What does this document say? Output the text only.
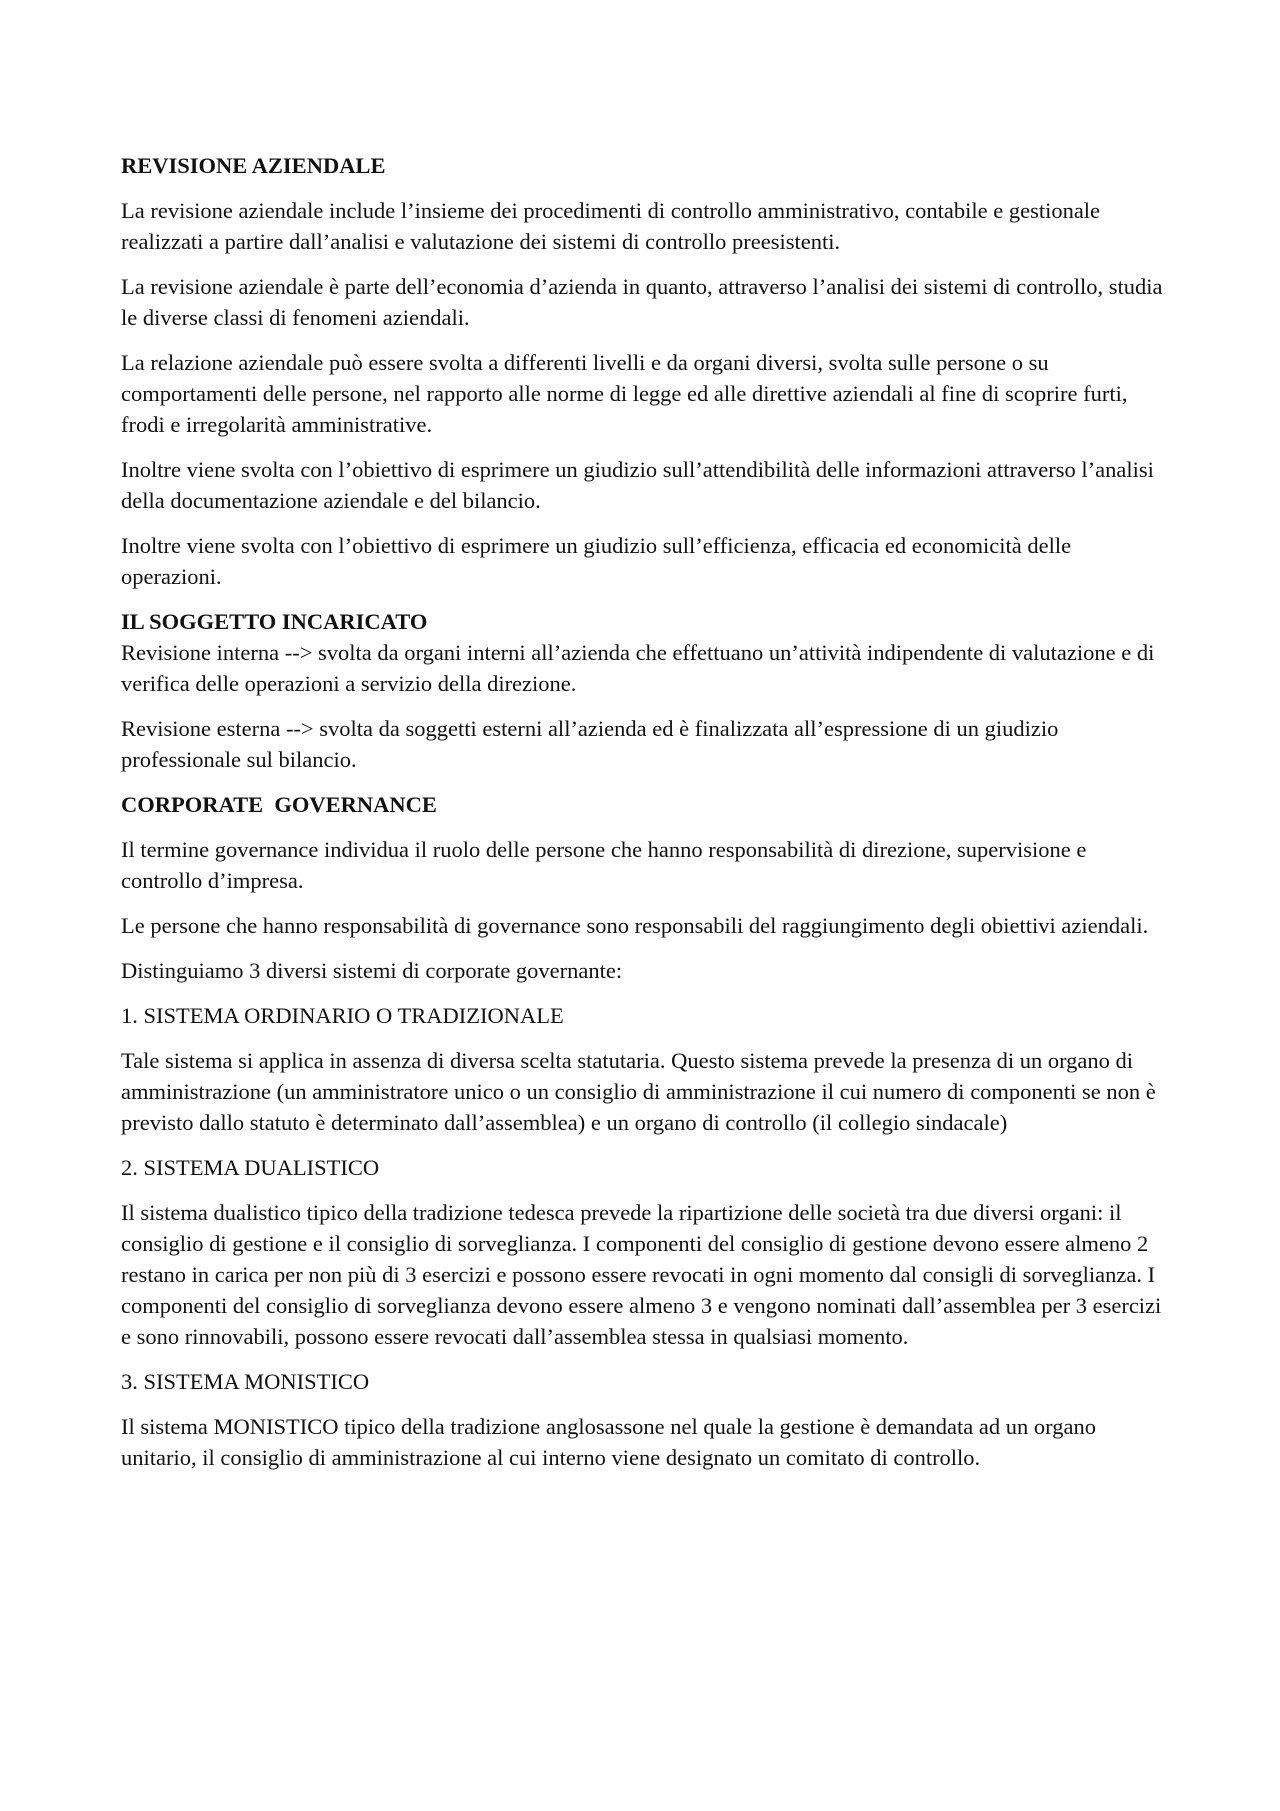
REVISIONE AZIENDALE

La revisione aziendale include l’insieme dei procedimenti di controllo amministrativo, contabile e gestionale realizzati a partire dall’analisi e valutazione dei sistemi di controllo preesistenti.

La revisione aziendale è parte dell’economia d’azienda in quanto, attraverso l’analisi dei sistemi di controllo, studia le diverse classi di fenomeni aziendali.

La relazione aziendale può essere svolta a differenti livelli e da organi diversi, svolta sulle persone o su comportamenti delle persone, nel rapporto alle norme di legge ed alle direttive aziendali al fine di scoprire furti, frodi e irregolarità amministrative.

Inoltre viene svolta con l’obiettivo di esprimere un giudizio sull’attendibilità delle informazioni attraverso l’analisi della documentazione aziendale e del bilancio.

Inoltre viene svolta con l’obiettivo di esprimere un giudizio sull’efficienza, efficacia ed economicità delle operazioni.

IL SOGGETTO INCARICATO

Revisione interna --> svolta da organi interni all’azienda che effettuano un’attività indipendente di valutazione e di verifica delle operazioni a servizio della direzione.

Revisione esterna --> svolta da soggetti esterni all’azienda ed è finalizzata all’espressione di un giudizio professionale sul bilancio.

CORPORATE  GOVERNANCE

Il termine governance individua il ruolo delle persone che hanno responsabilità di direzione, supervisione e controllo d’impresa.

Le persone che hanno responsabilità di governance sono responsabili del raggiungimento degli obiettivi aziendali.

Distinguiamo 3 diversi sistemi di corporate governante:

1. SISTEMA ORDINARIO O TRADIZIONALE

Tale sistema si applica in assenza di diversa scelta statutaria. Questo sistema prevede la presenza di un organo di amministrazione (un amministratore unico o un consiglio di amministrazione il cui numero di componenti se non è previsto dallo statuto è determinato dall’assemblea) e un organo di controllo (il collegio sindacale)

2. SISTEMA DUALISTICO

Il sistema dualistico tipico della tradizione tedesca prevede la ripartizione delle società tra due diversi organi: il consiglio di gestione e il consiglio di sorveglianza. I componenti del consiglio di gestione devono essere almeno 2 restano in carica per non più di 3 esercizi e possono essere revocati in ogni momento dal consigli di sorveglianza. I componenti del consiglio di sorveglianza devono essere almeno 3 e vengono nominati dall’assemblea per 3 esercizi e sono rinnovabili, possono essere revocati dall’assemblea stessa in qualsiasi momento.

3. SISTEMA MONISTICO

Il sistema MONISTICO tipico della tradizione anglosassone nel quale la gestione è demandata ad un organo unitario, il consiglio di amministrazione al cui interno viene designato un comitato di controllo.
